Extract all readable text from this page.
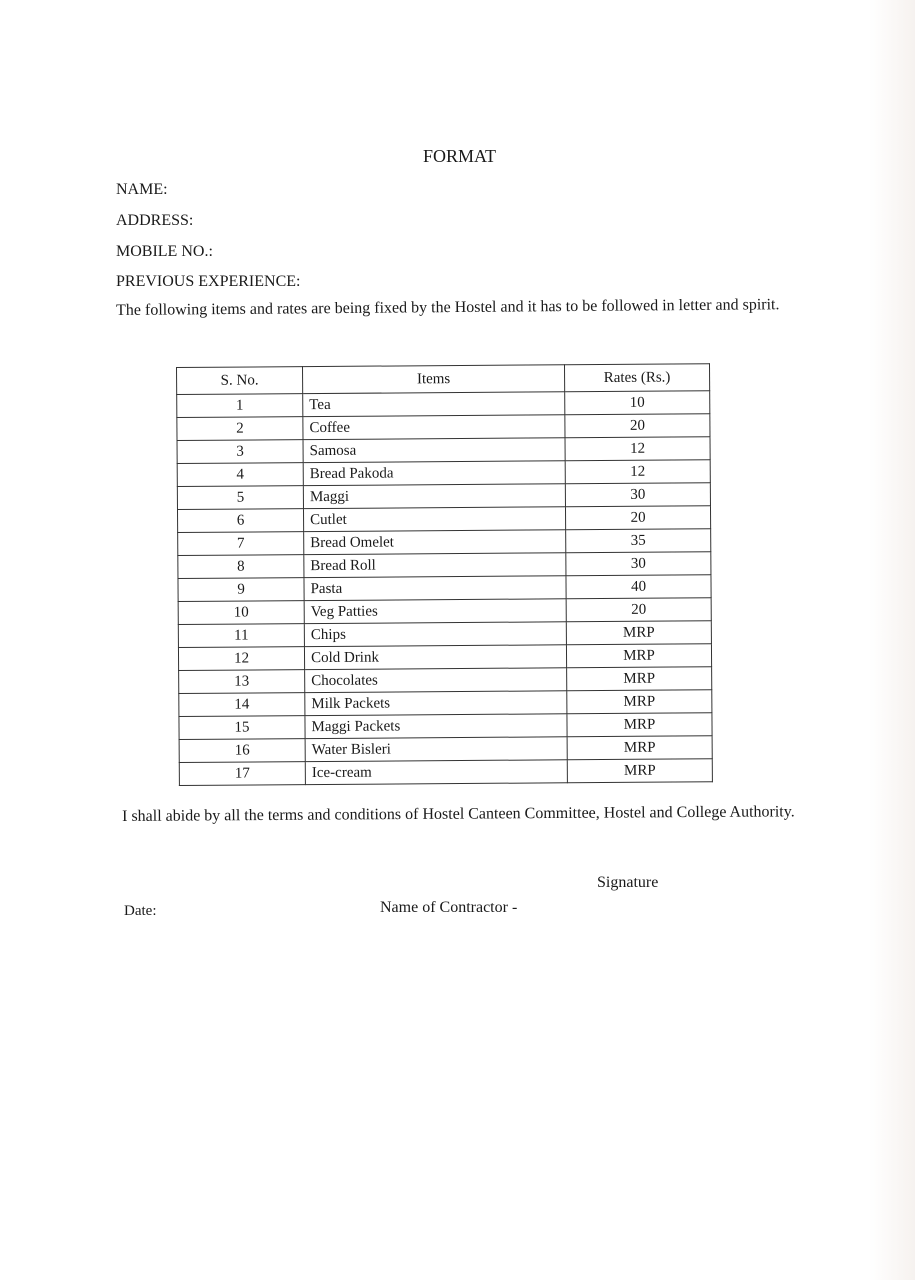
FORMAT
NAME:
ADDRESS:
MOBILE NO.:
PREVIOUS EXPERIENCE:
The following items and rates are being fixed by the Hostel and it has to be followed in letter and spirit.
S. No.	Items	Rates (Rs.)
1	Tea	10
2	Coffee	20
3	Samosa	12
4	Bread Pakoda	12
5	Maggi	30
6	Cutlet	20
7	Bread Omelet	35
8	Bread Roll	30
9	Pasta	40
10	Veg Patties	20
11	Chips	MRP
12	Cold Drink	MRP
13	Chocolates	MRP
14	Milk Packets	MRP
15	Maggi Packets	MRP
16	Water Bisleri	MRP
17	Ice-cream	MRP
I shall abide by all the terms and conditions of Hostel Canteen Committee, Hostel and College Authority.
Signature
Date:	Name of Contractor -
